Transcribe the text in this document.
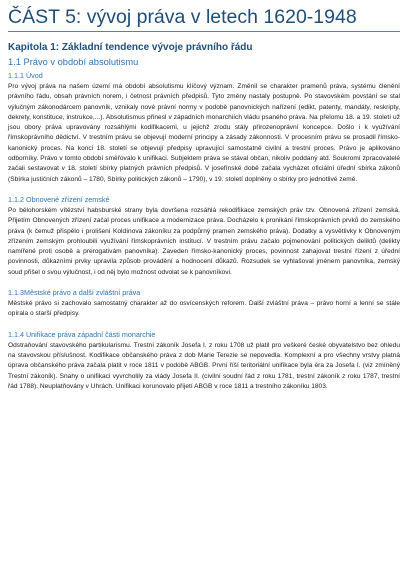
ČÁST 5: vývoj práva v letech 1620-1948
Kapitola 1: Základní tendence vývoje právního řádu
1.1 Právo v období absolutismu
1.1.1 Úvod

Pro vývoj práva na našem území má období absolutismu klíčový význam. Změnil se charakter pramenů práva, systému členění právního řádu, obsah právních norem, i četnost právních předpisů. Tyto změny nastaly postupně. Po stavovském povstání se stal výlučným zákonodárcem panovník, vznikaly nové právní normy v podobě panovnických nařízení (edikt, patenty, mandáty, reskripty, dekrety, konstituce, instrukce,...). Absolutismus přinesl v západních monarchiích vládu psaného práva. Na přelomu 18. a 19. století už jsou obory práva upravovány rozsáhlými kodifikacemi, u jejichž zrodu stály přirozenoprávní koncepce. Došlo i k využívání římskoprávního dědictví. V trestním právu se objevují moderní principy a zásady zákonnosti. V procesním právu se prosadil římsko-kanonický proces. Na konci 18. století se objevují předpisy upravující samostatně civilní a trestní proces. Právo je aplikováno odborníky. Právo v tomto období směřovalo k unifikaci. Subjektem práva se stával občan, nikoliv poddaný atd. Soukromí zpracovatelé začali sestavovat v 18. století sbírky platných právních předpisů. V josefínské době začala vycházet oficiální úřední sbírka zákonů (Sbírka justičních zákonů – 1780, Sbírky politických zákonů – 1790), v 19. století doplněny o sbírky pro jednotlivé země.

1.1.2 Obnovené zřízení zemské

Po bělohorském vítězství habsburské strany byla dovršena rozsáhlá rekodifikace zemských práv tzv. Obnovená zřízení zemská. Přijetím Obnovených zřízení začal proces unifikace a modernizace práva. Docházelo k pronikání římskoprávních prvků do zemského práva (k čemuž přispělo i prolišení Koldínova zákoníku za podpůrný pramen zemského práva). Dodatky a vysvětlivky k Obnoveným zřízením zemským prohloubili využívání římskoprávních institucí. V trestním právu začalo pojmenování politických deliktů (delikty namířené proti osobě a prerogativám panovníka). Zaveden římsko-kanonický proces, povinnost zahajovat trestní řízení z úřední povinnosti, důkazními prvky upravila způsob provádění a hodnocení důkazů. Rozsudek se vyhlašoval jménem panovníka, zemský soud přišel o svou výlučnost, i od něj bylo možnost odvolat se k panovníkovi.

1.1.3Městské právo a další zvláštní práva

Městské právo si zachovalo samostatný charakter až do osvícenských reforem. Další zvláštní práva – právo horní a lenní se stále opírala o starší předpisy.

1.1.4 Unifikace práva západní části monarchie

Odstraňování stavovského partikularismu. Trestní zákoník Josefa I. z roku 1708 už platil pro veškeré české obyvatelstvo bez ohledu na stavovskou příslušnost. Kodifikace občanského práva z dob Marie Terezie se nepovedla. Komplexní a pro všechny vrstvy platná úprava občanského práva začala platit v roce 1811 v podobě ABGB. První říší teritoriální unifikace byla éra za Josefa I. (viz zmíněný Trestní zákoník). Snahy o unifikaci vyvrcholily za vlády Josefa II. (civilní soudní řád z roku 1781, trestní zákoník z roku 1787, trestní řád 1788). Neuplatňovány v Uhrách. Unifikaci korunovalo přijetí ABGB v roce 1811 a trestního zákoníku 1803.
